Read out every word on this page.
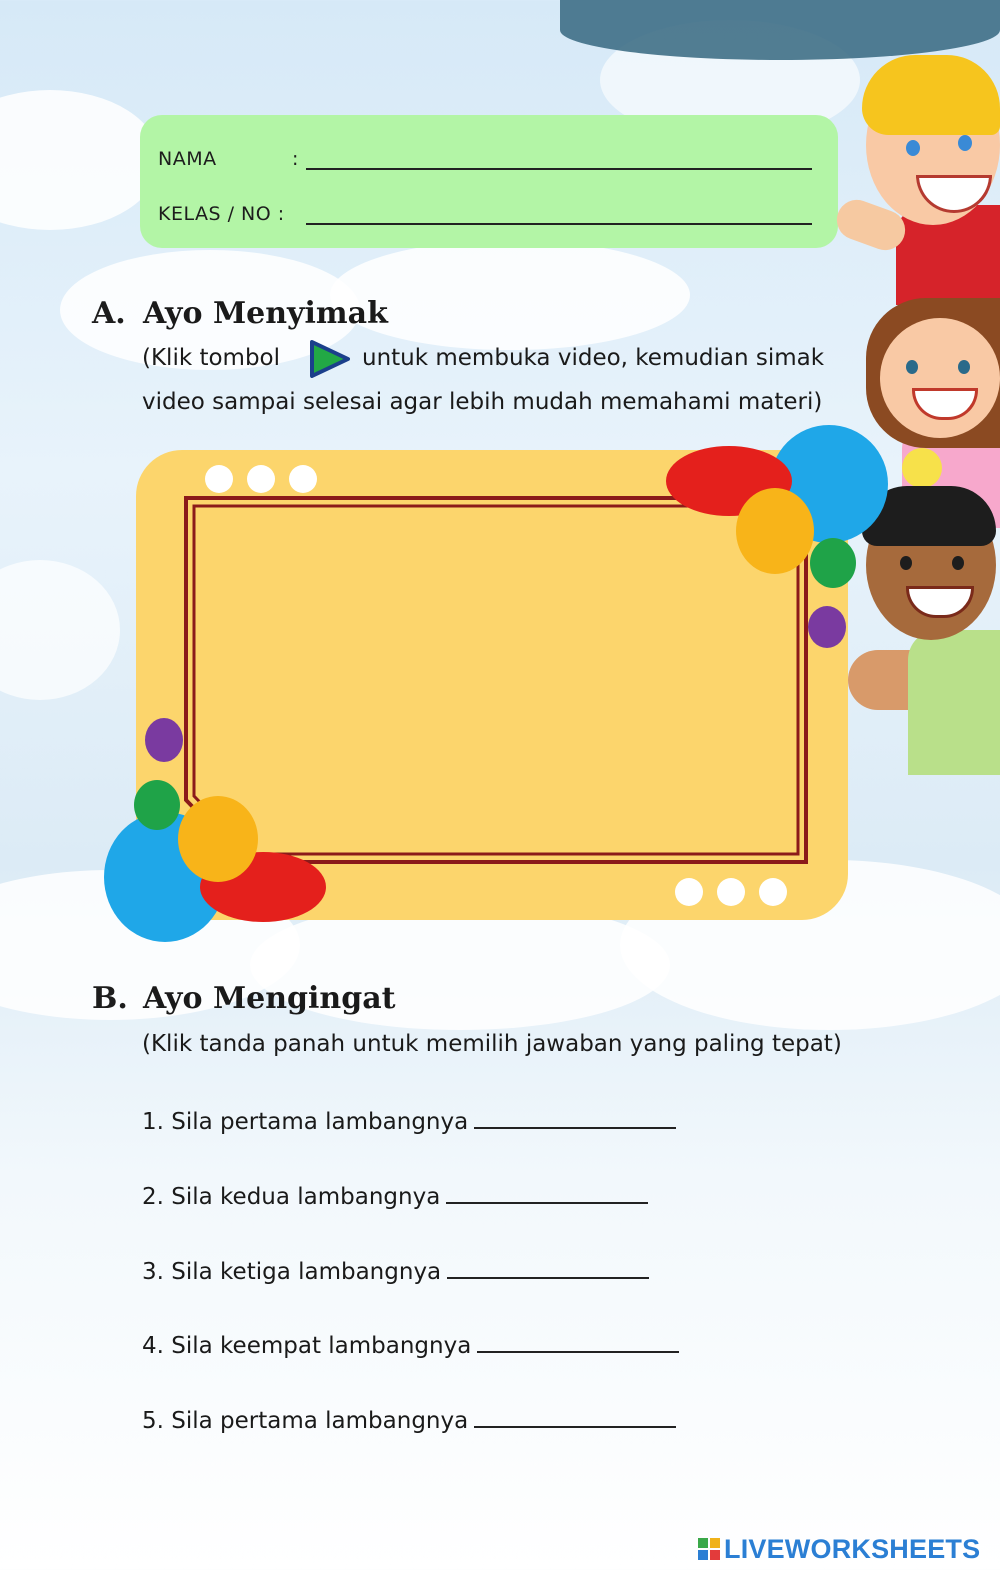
NAMA	:
KELAS / NO :
A. Ayo Menyimak
(Klik tombol	untuk membuka video, kemudian simak
video sampai selesai agar lebih mudah memahami materi)
B. Ayo Mengingat
(Klik tanda panah untuk memilih jawaban yang paling tepat)
1. Sila pertama lambangnya
2. Sila kedua lambangnya
3. Sila ketiga lambangnya
4. Sila keempat lambangnya
5. Sila pertama lambangnya
LIVEWORKSHEETS
